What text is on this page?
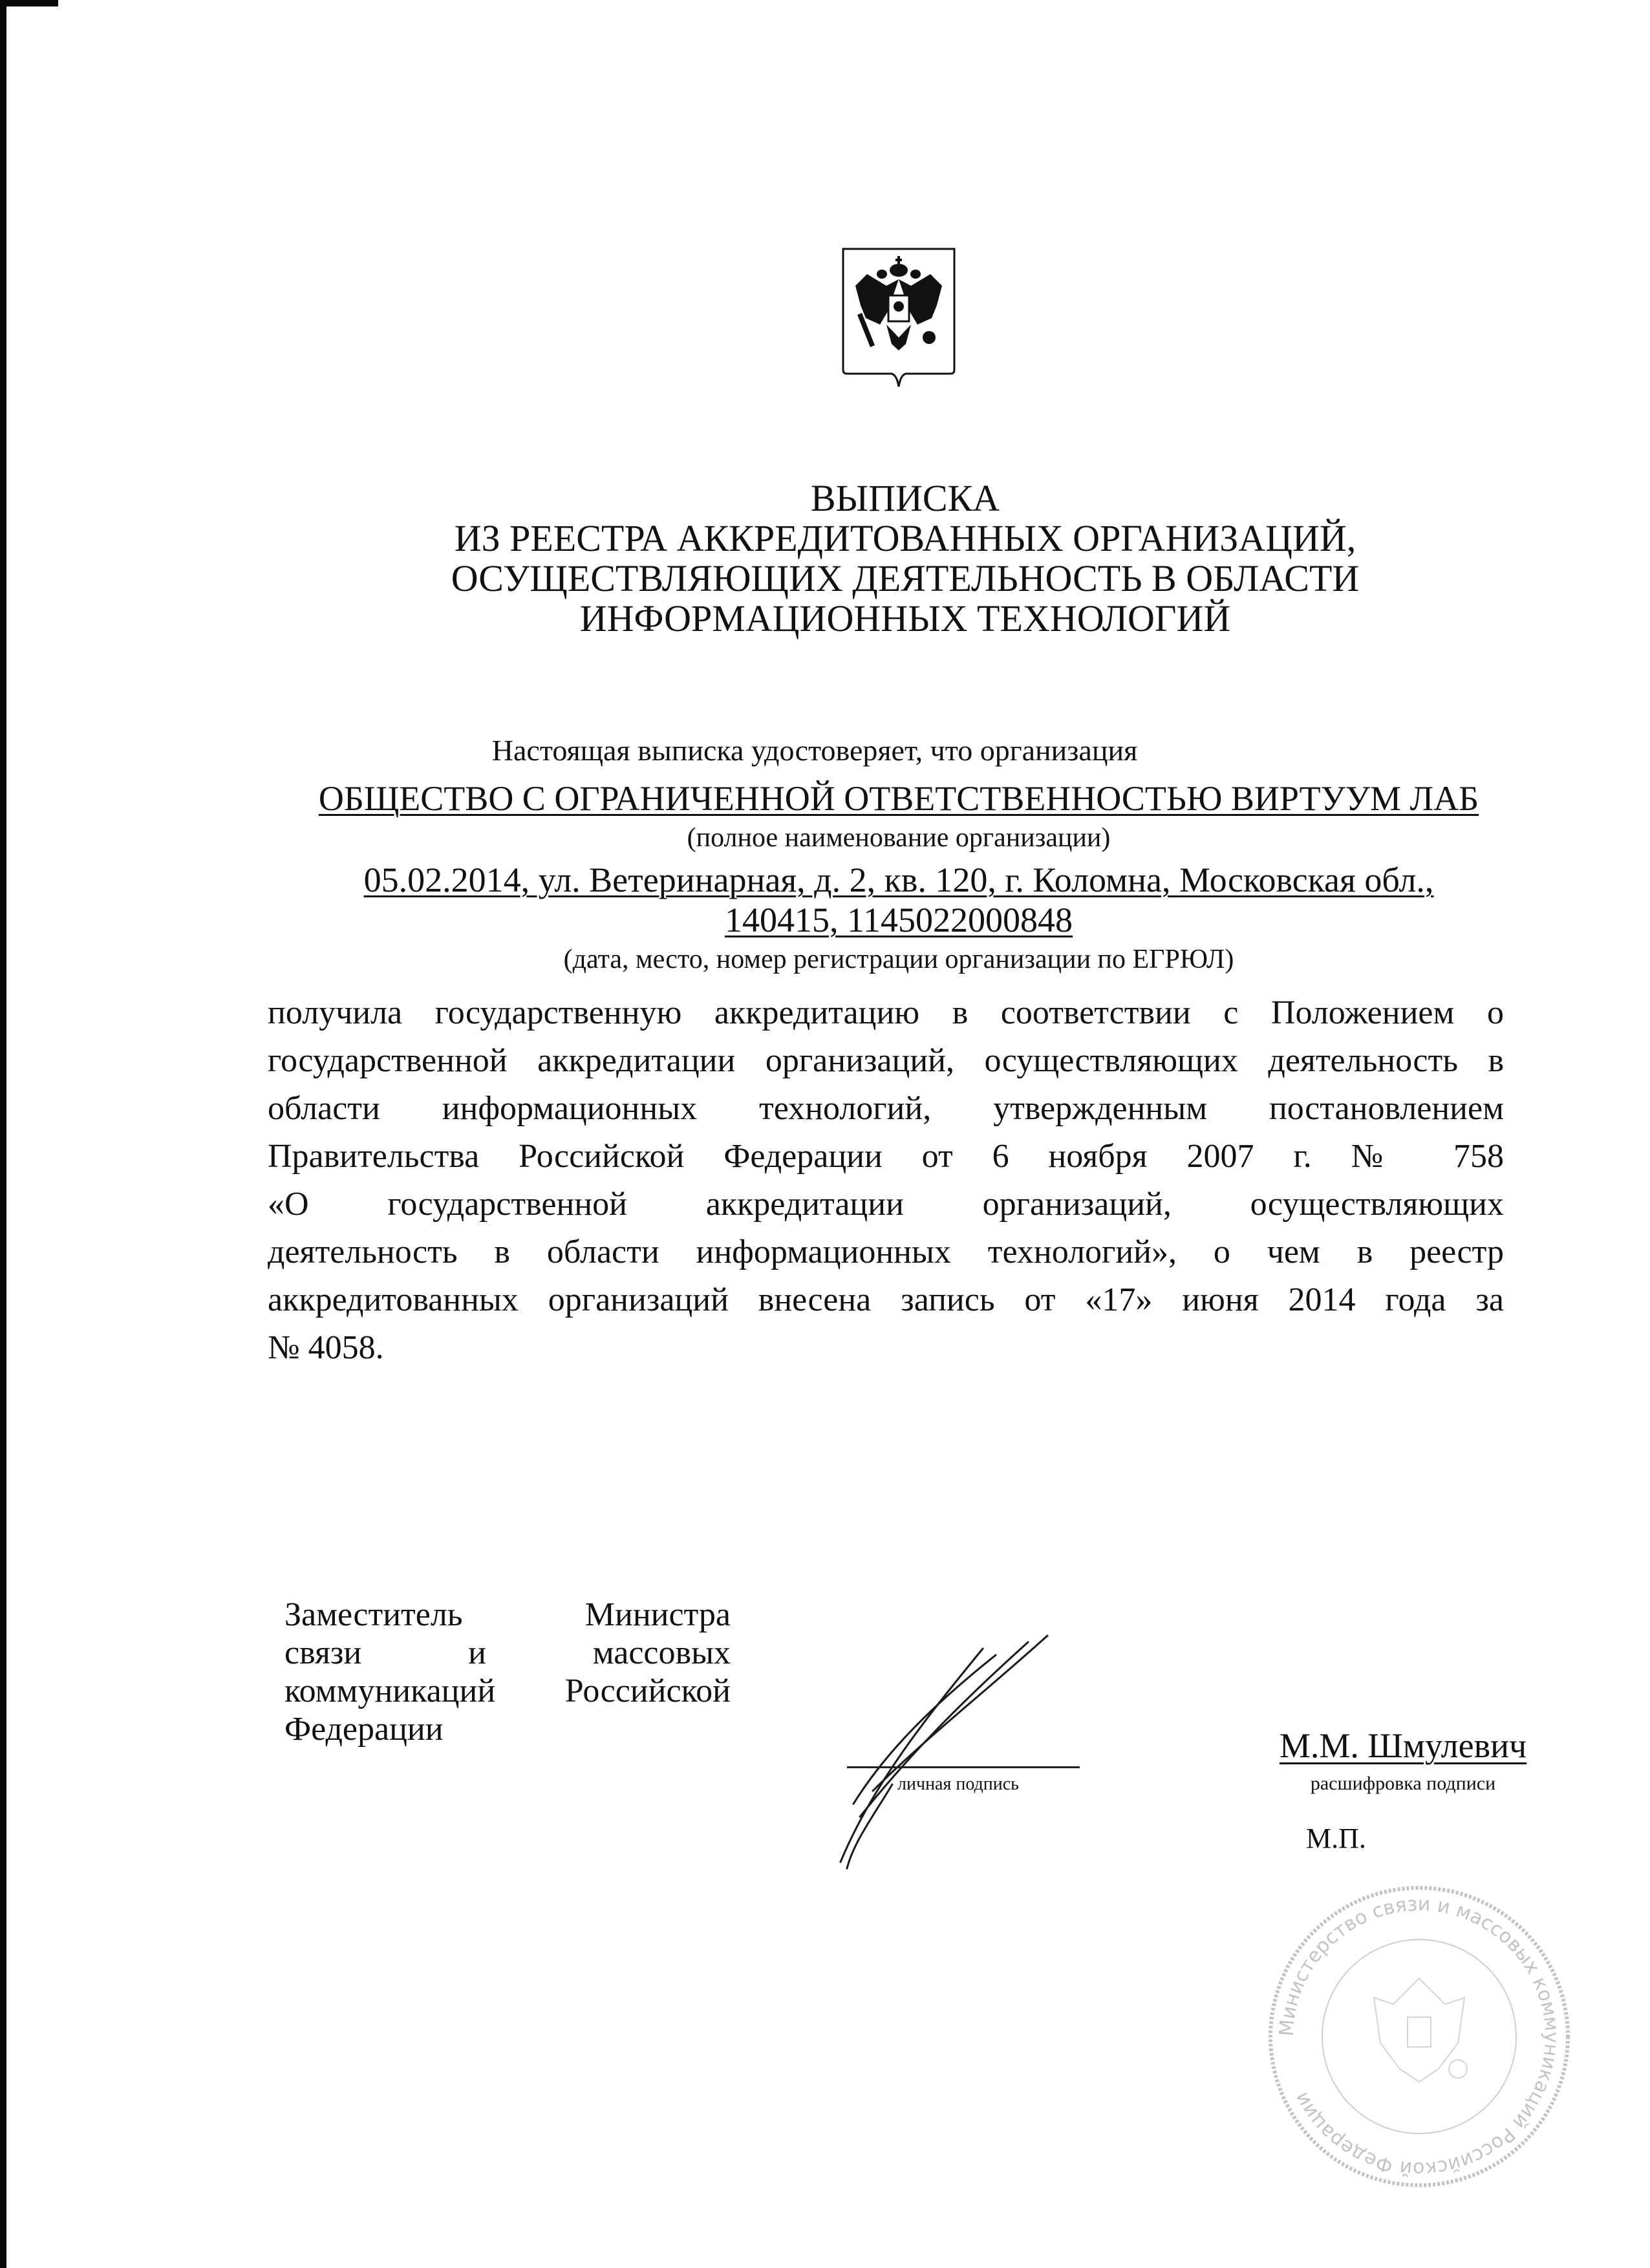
ВЫПИСКА
ИЗ РЕЕСТРА АККРЕДИТОВАННЫХ ОРГАНИЗАЦИЙ,
ОСУЩЕСТВЛЯЮЩИХ ДЕЯТЕЛЬНОСТЬ В ОБЛАСТИ
ИНФОРМАЦИОННЫХ ТЕХНОЛОГИЙ
Настоящая выписка удостоверяет, что организация
ОБЩЕСТВО С ОГРАНИЧЕННОЙ ОТВЕТСТВЕННОСТЬЮ ВИРТУУМ ЛАБ
(полное наименование организации)
05.02.2014, ул. Ветеринарная, д. 2, кв. 120, г. Коломна, Московская обл.,
140415, 1145022000848
(дата, место, номер регистрации организации по ЕГРЮЛ)
получила государственную аккредитацию в соответствии с Положением о
государственной аккредитации организаций, осуществляющих деятельность в
области информационных технологий, утвержденным постановлением
Правительства Российской Федерации от 6 ноября 2007 г. № 758
«О государственной аккредитации организаций, осуществляющих
деятельность в области информационных технологий», о чем в реестр
аккредитованных организаций внесена запись от «17» июня 2014 года за
№ 4058.
Заместитель Министра
связи и массовых
коммуникаций Российской
Федерации
личная подпись
М.М. Шмулевич
расшифровка подписи
М.П.
Министерство связи и массовых коммуникаций Российской Федерации
